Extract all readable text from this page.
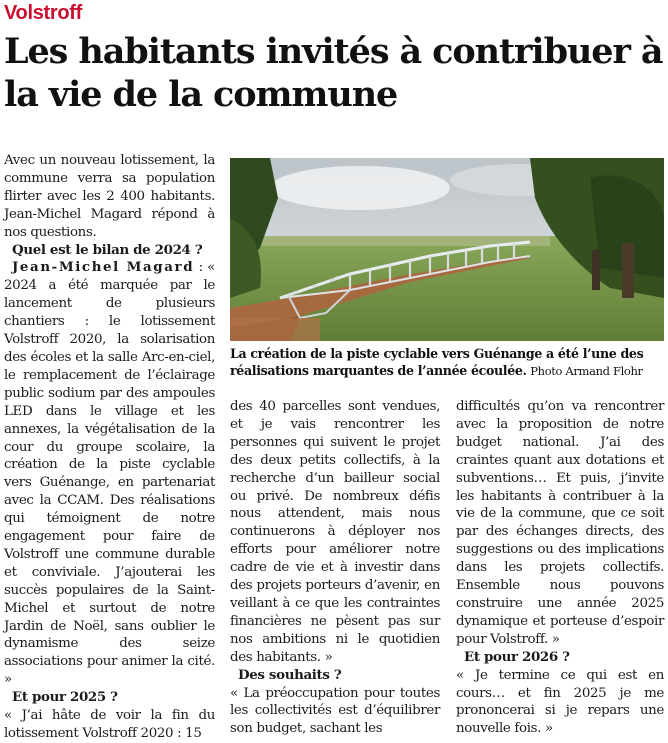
Volstroff
Les habitants invités à contribuer à la vie de la commune

Avec un nouveau lotissement, la commune verra sa population flirter avec les 2 400 habitants. Jean-Michel Magard répond à nos questions.

Quel est le bilan de 2024 ?

Jean-Michel Magard : « 2024 a été marquée par le lancement de plusieurs chantiers : le lotissement Volstroff 2020, la solarisation des écoles et la salle Arc-en-ciel, le remplacement de l’éclairage public sodium par des ampoules LED dans le village et les annexes, la végétalisation de la cour du groupe scolaire, la création de la piste cyclable vers Guénange, en partenariat avec la CCAM. Des réalisations qui témoignent de notre engagement pour faire de Volstroff une commune durable et conviviale. J’ajouterai les succès populaires de la Saint-Michel et surtout de notre Jardin de Noël, sans oublier le dynamisme des seize associations pour animer la cité. »

Et pour 2025 ?

« J’ai hâte de voir la fin du lotissement Volstroff 2020 : 15

La création de la piste cyclable vers Guénange a été l’une des réalisations marquantes de l’année écoulée. Photo Armand Flohr

des 40 parcelles sont vendues, et je vais rencontrer les personnes qui suivent le projet des deux petits collectifs, à la recherche d’un bailleur social ou privé. De nombreux défis nous attendent, mais nous continuerons à déployer nos efforts pour améliorer notre cadre de vie et à investir dans des projets porteurs d’avenir, en veillant à ce que les contraintes financières ne pèsent pas sur nos ambitions ni le quotidien des habitants. »

Des souhaits ?

« La préoccupation pour toutes les collectivités est d’équilibrer son budget, sachant les

difficultés qu’on va rencontrer avec la proposition de notre budget national. J’ai des craintes quant aux dotations et subventions… Et puis, j’invite les habitants à contribuer à la vie de la commune, que ce soit par des échanges directs, des suggestions ou des implications dans les projets collectifs. Ensemble nous pouvons construire une année 2025 dynamique et porteuse d’espoir pour Volstroff. »

Et pour 2026 ?

« Je termine ce qui est en cours… et fin 2025 je me prononcerai si je repars une nouvelle fois. »
